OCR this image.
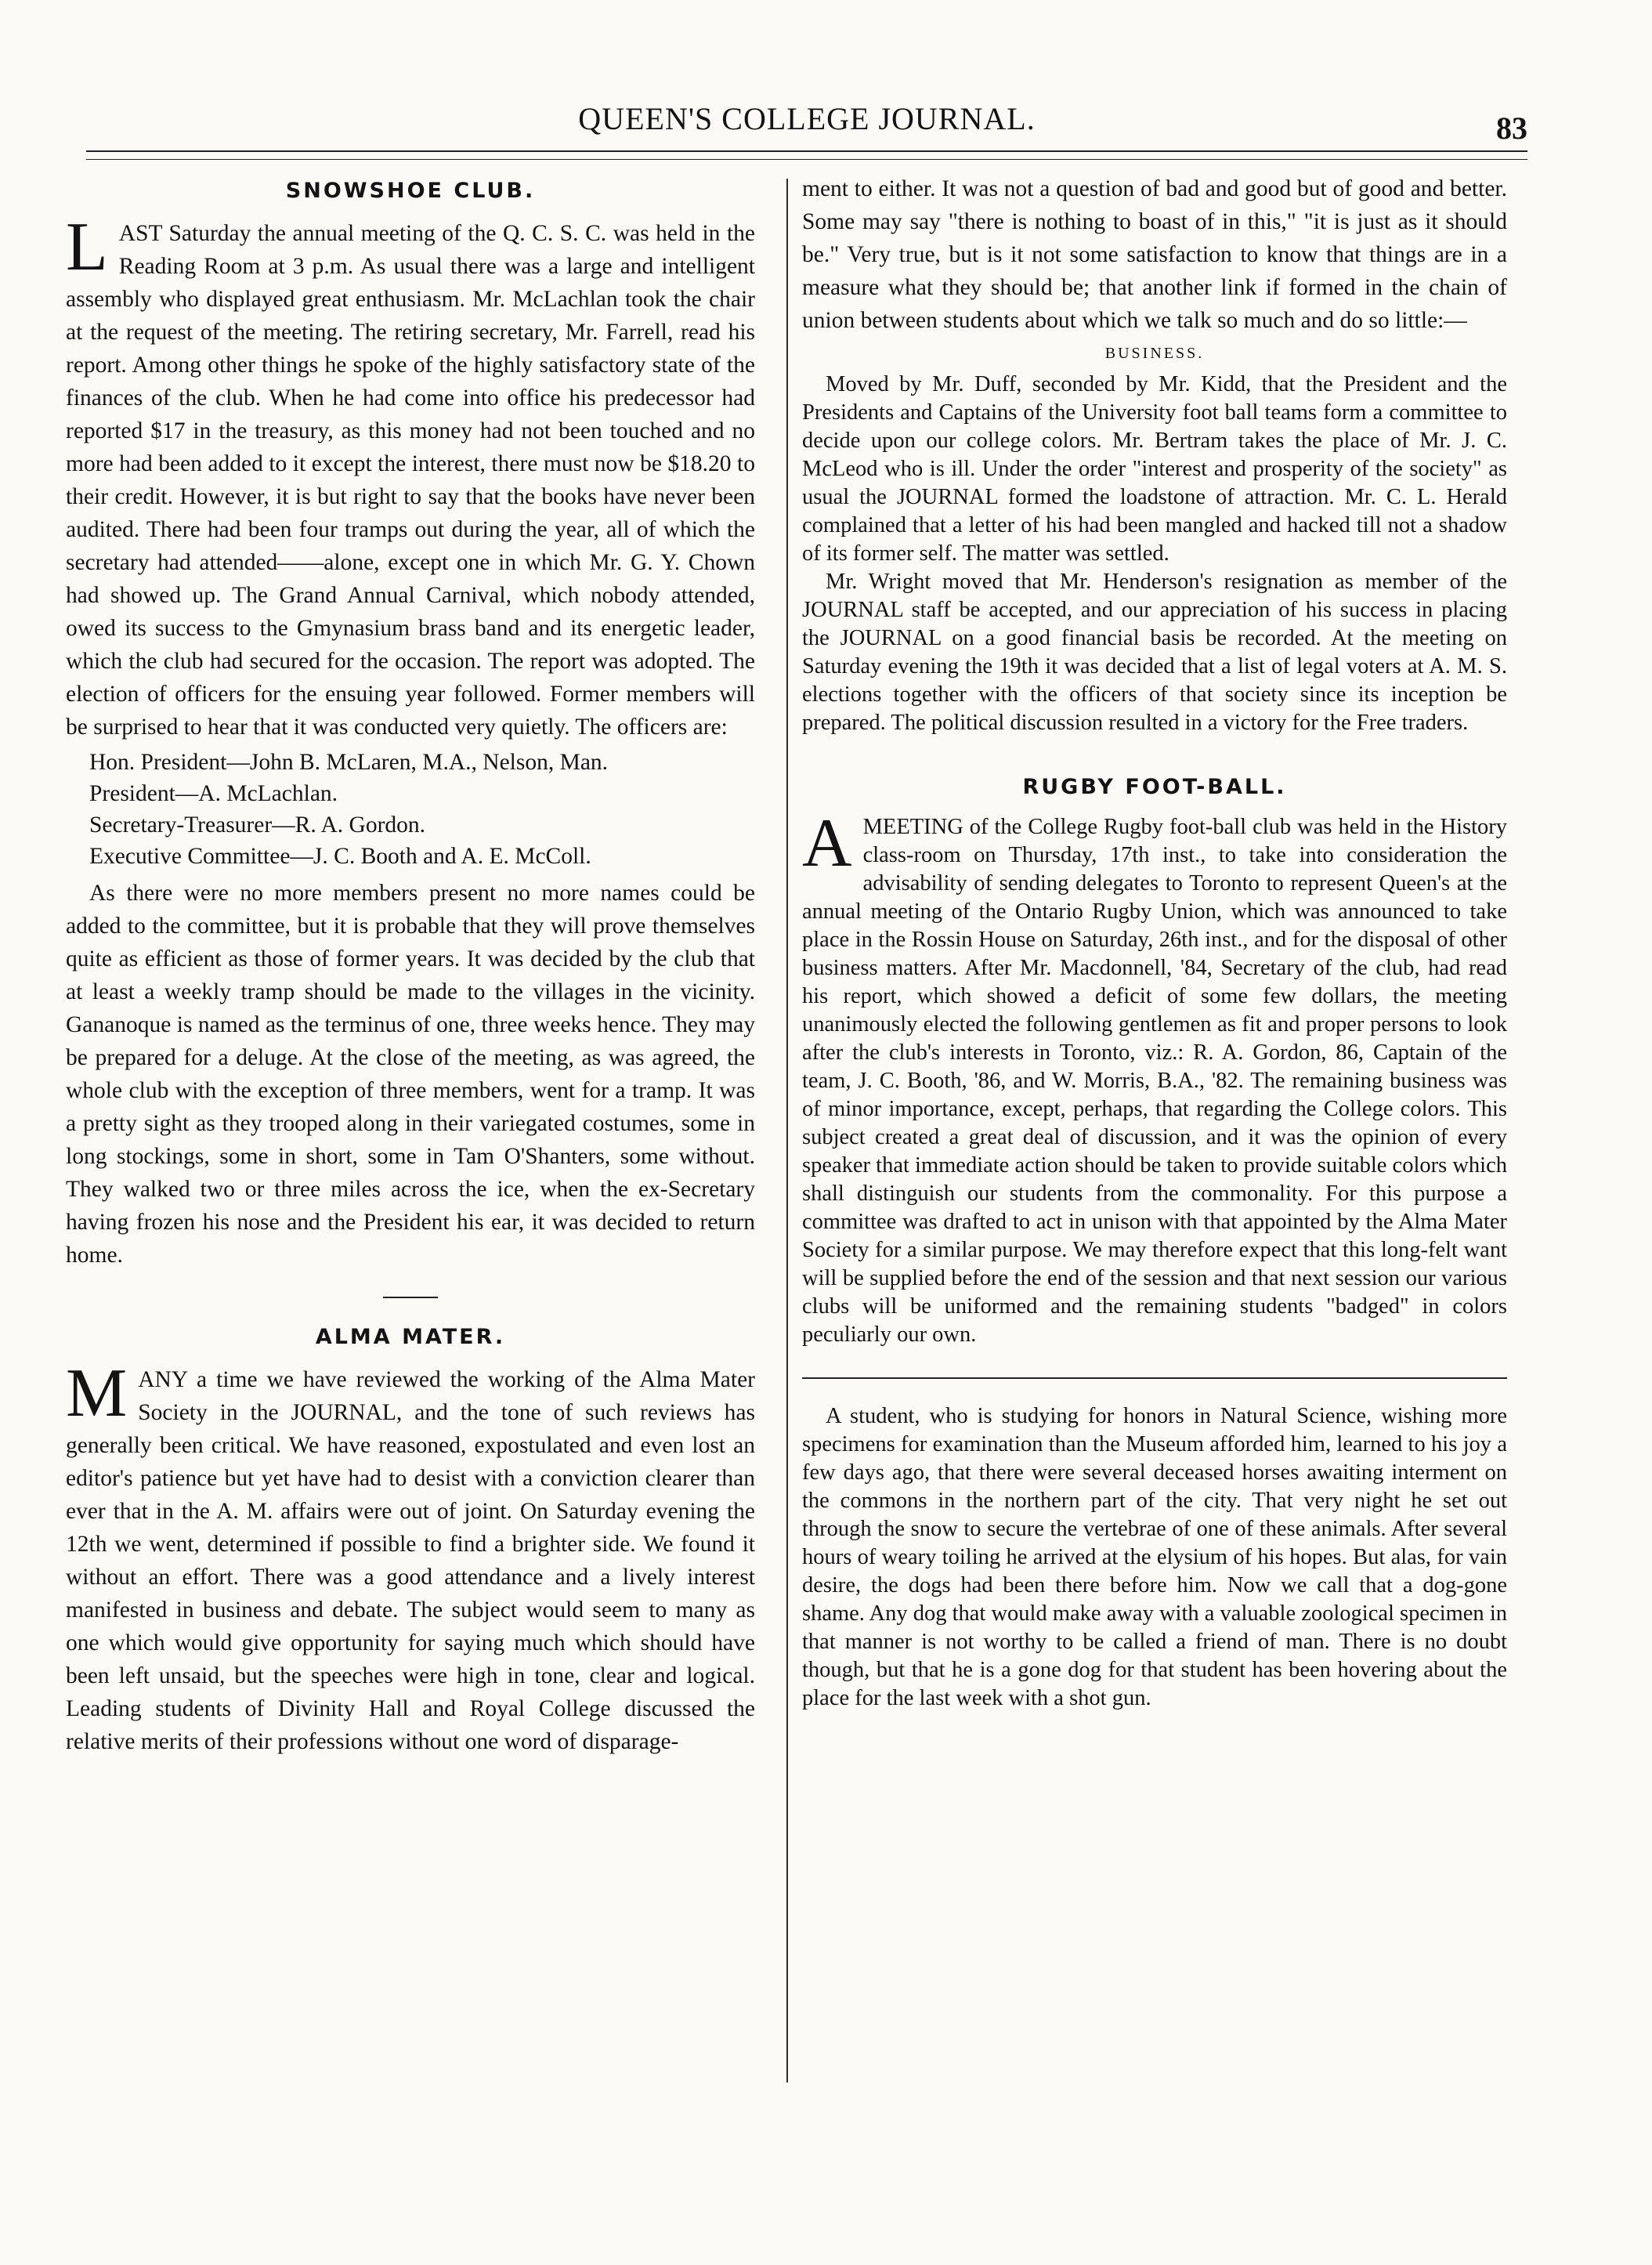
QUEEN'S COLLEGE JOURNAL.	83
SNOWSHOE CLUB.

LAST Saturday the annual meeting of the Q. C. S. C. was held in the Reading Room at 3 p.m. As usual there was a large and intelligent assembly who displayed great enthusiasm. Mr. McLachlan took the chair at the request of the meeting. The retiring secretary, Mr. Farrell, read his report. Among other things he spoke of the highly satisfactory state of the finances of the club. When he had come into office his predecessor had reported $17 in the treasury, as this money had not been touched and no more had been added to it except the interest, there must now be $18.20 to their credit. However, it is but right to say that the books have never been audited. There had been four tramps out during the year, all of which the secretary had attended——alone, except one in which Mr. G. Y. Chown had showed up. The Grand Annual Carnival, which nobody attended, owed its success to the Gmynasium brass band and its energetic leader, which the club had secured for the occasion. The report was adopted. The election of officers for the ensuing year followed. Former members will be surprised to hear that it was conducted very quietly. The officers are:

Hon. President—John B. McLaren, M.A., Nelson, Man.
President—A. McLachlan.
Secretary-Treasurer—R. A. Gordon.
Executive Committee—J. C. Booth and A. E. McColl.

As there were no more members present no more names could be added to the committee, but it is probable that they will prove themselves quite as efficient as those of former years. It was decided by the club that at least a weekly tramp should be made to the villages in the vicinity. Gananoque is named as the terminus of one, three weeks hence. They may be prepared for a deluge. At the close of the meeting, as was agreed, the whole club with the exception of three members, went for a tramp. It was a pretty sight as they trooped along in their variegated costumes, some in long stockings, some in short, some in Tam O'Shanters, some without. They walked two or three miles across the ice, when the ex-Secretary having frozen his nose and the President his ear, it was decided to return home.

ALMA MATER.

MANY a time we have reviewed the working of the Alma Mater Society in the JOURNAL, and the tone of such reviews has generally been critical. We have reasoned, expostulated and even lost an editor's patience but yet have had to desist with a conviction clearer than ever that in the A. M. affairs were out of joint. On Saturday evening the 12th we went, determined if possible to find a brighter side. We found it without an effort. There was a good attendance and a lively interest manifested in business and debate. The subject would seem to many as one which would give opportunity for saying much which should have been left unsaid, but the speeches were high in tone, clear and logical. Leading students of Divinity Hall and Royal College discussed the relative merits of their professions without one word of disparage-

ment to either. It was not a question of bad and good but of good and better. Some may say "there is nothing to boast of in this," "it is just as it should be." Very true, but is it not some satisfaction to know that things are in a measure what they should be; that another link if formed in the chain of union between students about which we talk so much and do so little:—

BUSINESS.

Moved by Mr. Duff, seconded by Mr. Kidd, that the President and the Presidents and Captains of the University foot ball teams form a committee to decide upon our college colors. Mr. Bertram takes the place of Mr. J. C. McLeod who is ill. Under the order "interest and prosperity of the society" as usual the JOURNAL formed the loadstone of attraction. Mr. C. L. Herald complained that a letter of his had been mangled and hacked till not a shadow of its former self. The matter was settled.

Mr. Wright moved that Mr. Henderson's resignation as member of the JOURNAL staff be accepted, and our appreciation of his success in placing the JOURNAL on a good financial basis be recorded. At the meeting on Saturday evening the 19th it was decided that a list of legal voters at A. M. S. elections together with the officers of that society since its inception be prepared. The political discussion resulted in a victory for the Free traders.

RUGBY FOOT-BALL.

AMEETING of the College Rugby foot-ball club was held in the History class-room on Thursday, 17th inst., to take into consideration the advisability of sending delegates to Toronto to represent Queen's at the annual meeting of the Ontario Rugby Union, which was announced to take place in the Rossin House on Saturday, 26th inst., and for the disposal of other business matters. After Mr. Macdonnell, '84, Secretary of the club, had read his report, which showed a deficit of some few dollars, the meeting unanimously elected the following gentlemen as fit and proper persons to look after the club's interests in Toronto, viz.: R. A. Gordon, 86, Captain of the team, J. C. Booth, '86, and W. Morris, B.A., '82. The remaining business was of minor importance, except, perhaps, that regarding the College colors. This subject created a great deal of discussion, and it was the opinion of every speaker that immediate action should be taken to provide suitable colors which shall distinguish our students from the commonality. For this purpose a committee was drafted to act in unison with that appointed by the Alma Mater Society for a similar purpose. We may therefore expect that this long-felt want will be supplied before the end of the session and that next session our various clubs will be uniformed and the remaining students "badged" in colors peculiarly our own.

A student, who is studying for honors in Natural Science, wishing more specimens for examination than the Museum afforded him, learned to his joy a few days ago, that there were several deceased horses awaiting interment on the commons in the northern part of the city. That very night he set out through the snow to secure the vertebrae of one of these animals. After several hours of weary toiling he arrived at the elysium of his hopes. But alas, for vain desire, the dogs had been there before him. Now we call that a dog-gone shame. Any dog that would make away with a valuable zoological specimen in that manner is not worthy to be called a friend of man. There is no doubt though, but that he is a gone dog for that student has been hovering about the place for the last week with a shot gun.
